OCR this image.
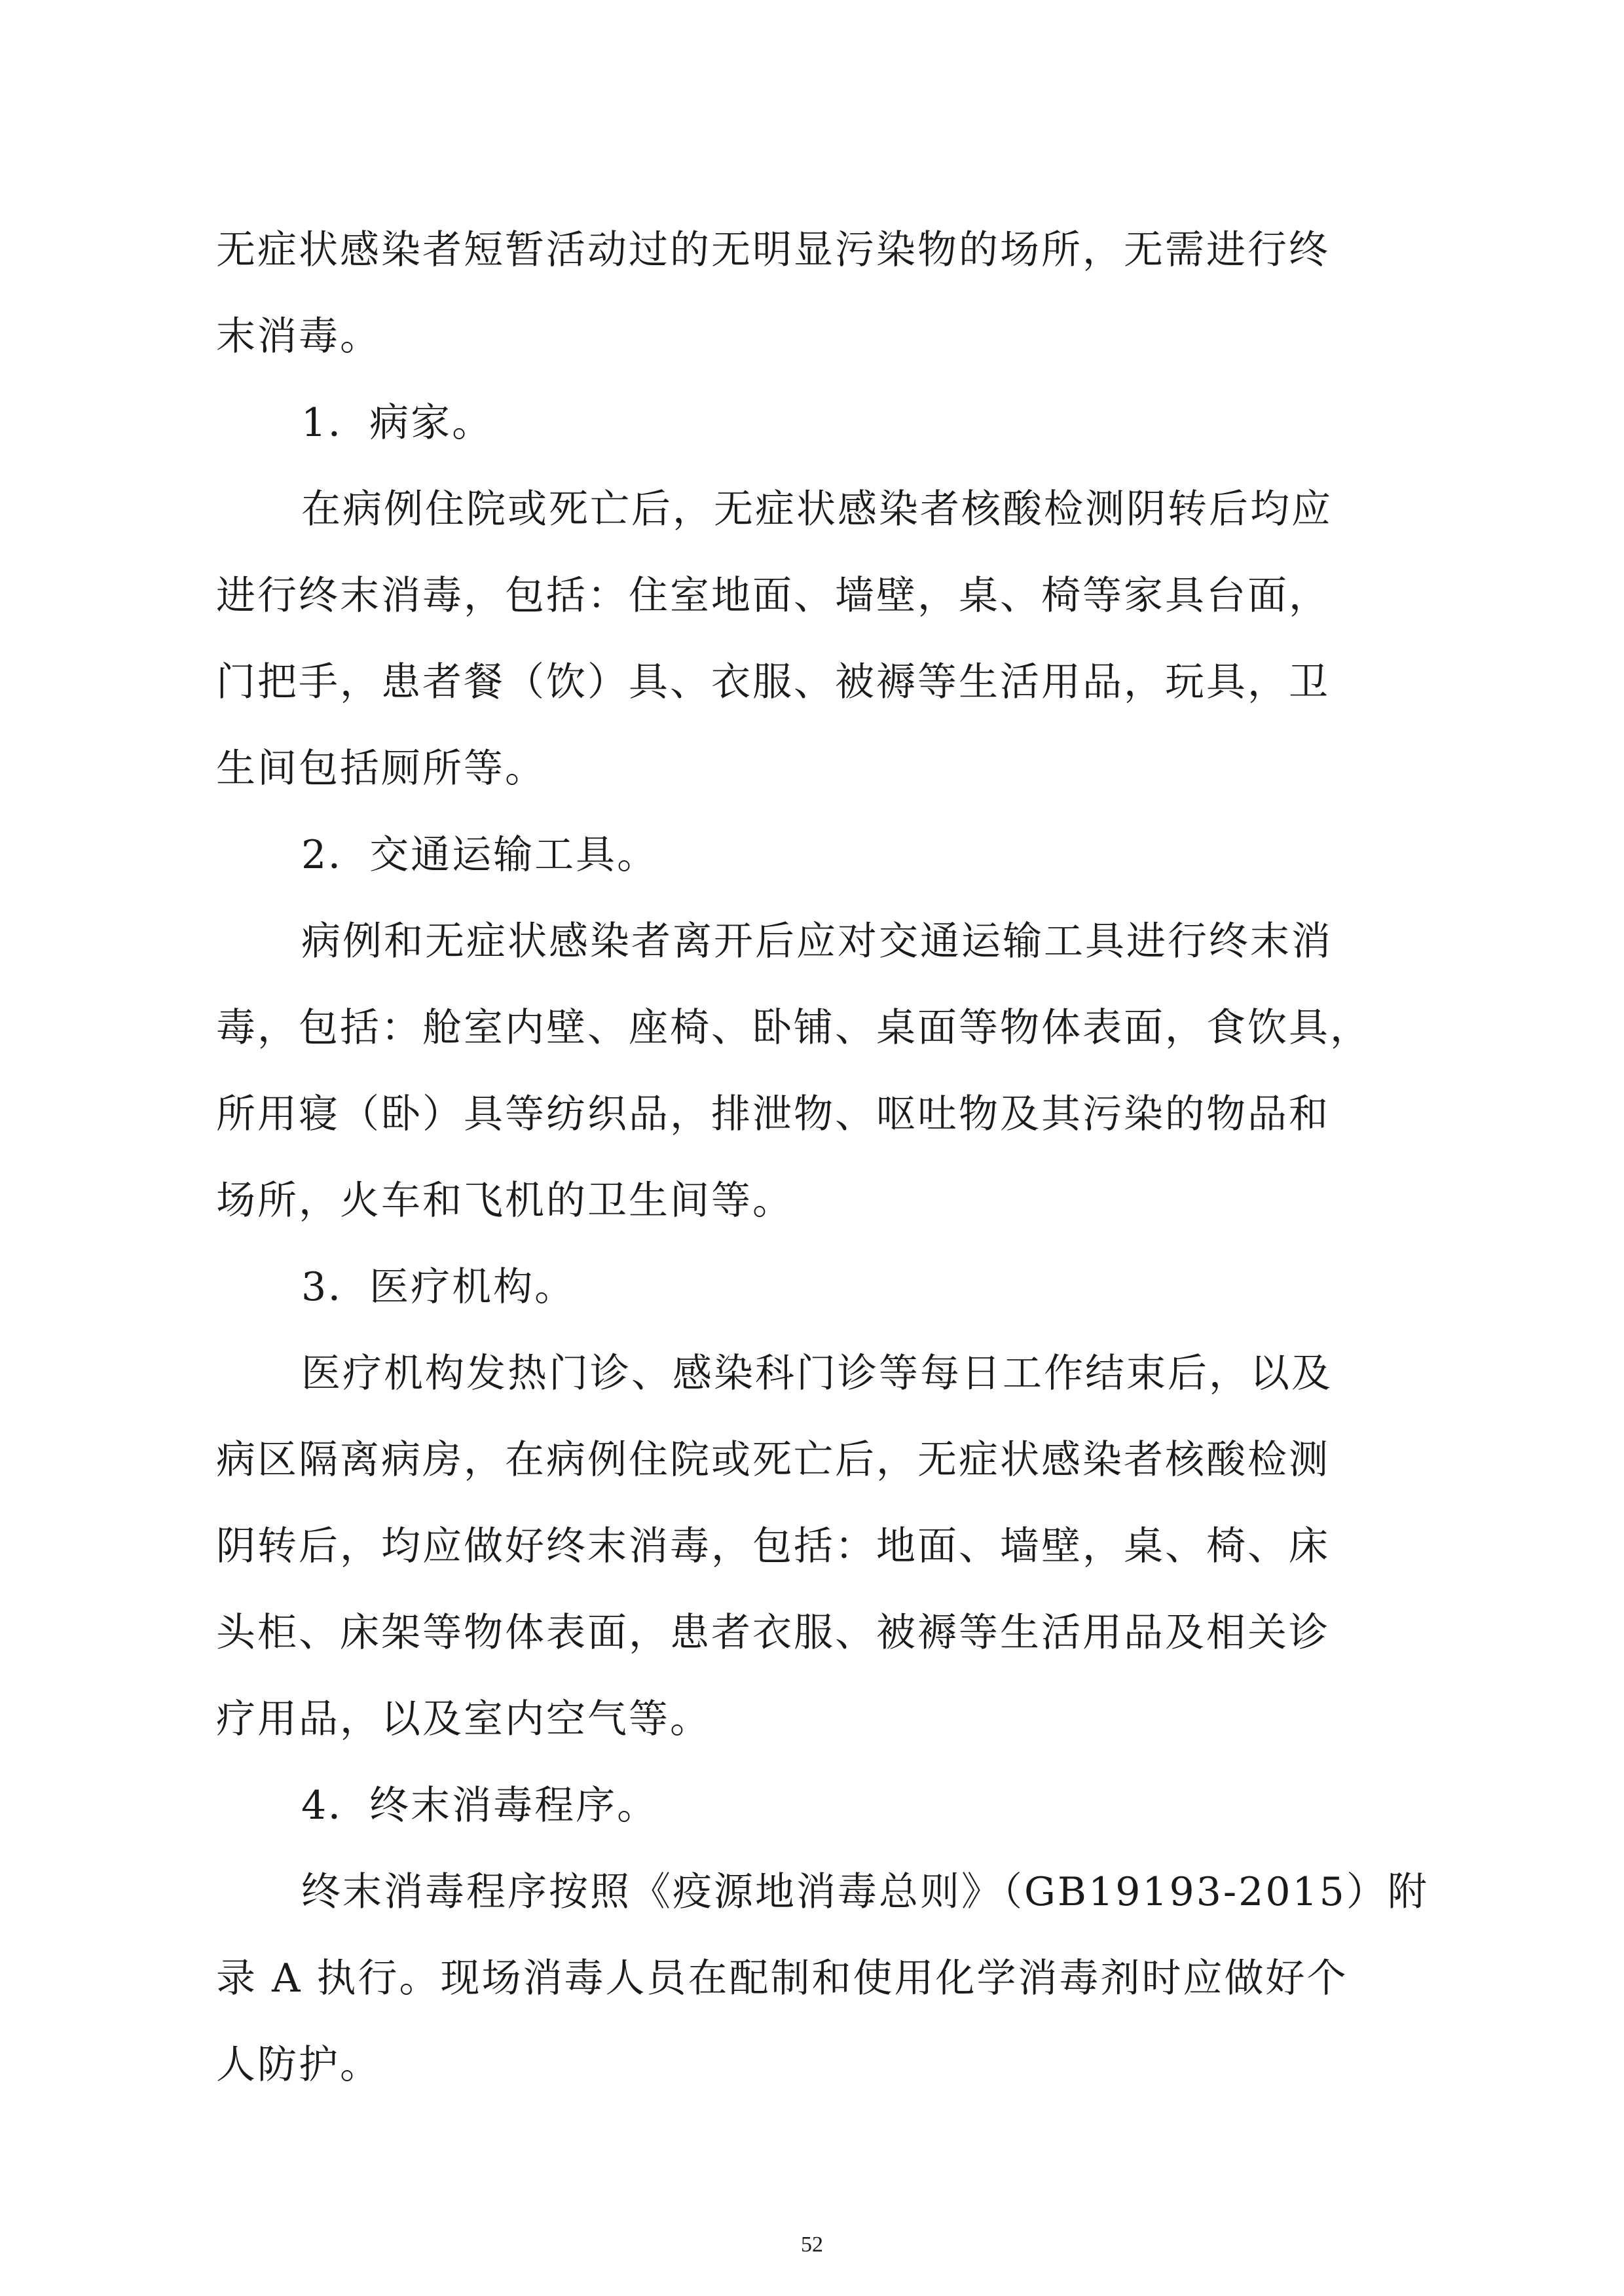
无症状感染者短暂活动过的无明显污染物的场所，无需进行终
末消毒。
1．病家。
在病例住院或死亡后，无症状感染者核酸检测阴转后均应
进行终末消毒，包括：住室地面、墙壁，桌、椅等家具台面，
门把手，患者餐（饮）具、衣服、被褥等生活用品，玩具，卫
生间包括厕所等。
2．交通运输工具。
病例和无症状感染者离开后应对交通运输工具进行终末消
毒，包括：舱室内壁、座椅、卧铺、桌面等物体表面，食饮具，
所用寝（卧）具等纺织品，排泄物、呕吐物及其污染的物品和
场所，火车和飞机的卫生间等。
3．医疗机构。
医疗机构发热门诊、感染科门诊等每日工作结束后，以及
病区隔离病房，在病例住院或死亡后，无症状感染者核酸检测
阴转后，均应做好终末消毒，包括：地面、墙壁，桌、椅、床
头柜、床架等物体表面，患者衣服、被褥等生活用品及相关诊
疗用品，以及室内空气等。
4．终末消毒程序。
终末消毒程序按照《疫源地消毒总则》（GB19193-2015）附
录 A 执行。现场消毒人员在配制和使用化学消毒剂时应做好个
人防护。
52
